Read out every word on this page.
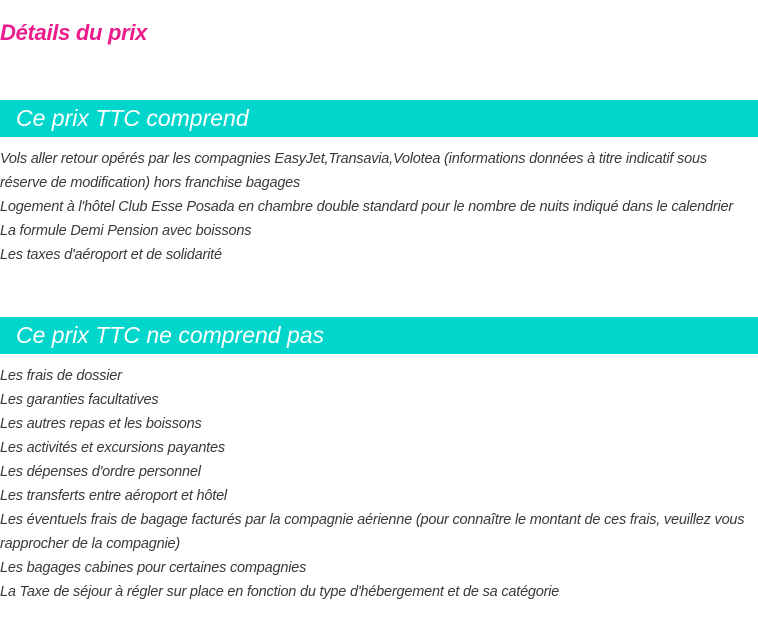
Détails du prix
Ce prix TTC comprend
Vols aller retour opérés par les compagnies EasyJet,Transavia,Volotea (informations données à titre indicatif sous réserve de modification) hors franchise bagages
Logement à l'hôtel Club Esse Posada en chambre double standard pour le nombre de nuits indiqué dans le calendrier
La formule Demi Pension avec boissons
Les taxes d'aéroport et de solidarité
Ce prix TTC ne comprend pas
Les frais de dossier
Les garanties facultatives
Les autres repas et les boissons
Les activités et excursions payantes
Les dépenses d'ordre personnel
Les transferts entre aéroport et hôtel
Les éventuels frais de bagage facturés par la compagnie aérienne (pour connaître le montant de ces frais, veuillez vous rapprocher de la compagnie)
Les bagages cabines pour certaines compagnies
La Taxe de séjour à régler sur place en fonction du type d'hébergement et de sa catégorie
